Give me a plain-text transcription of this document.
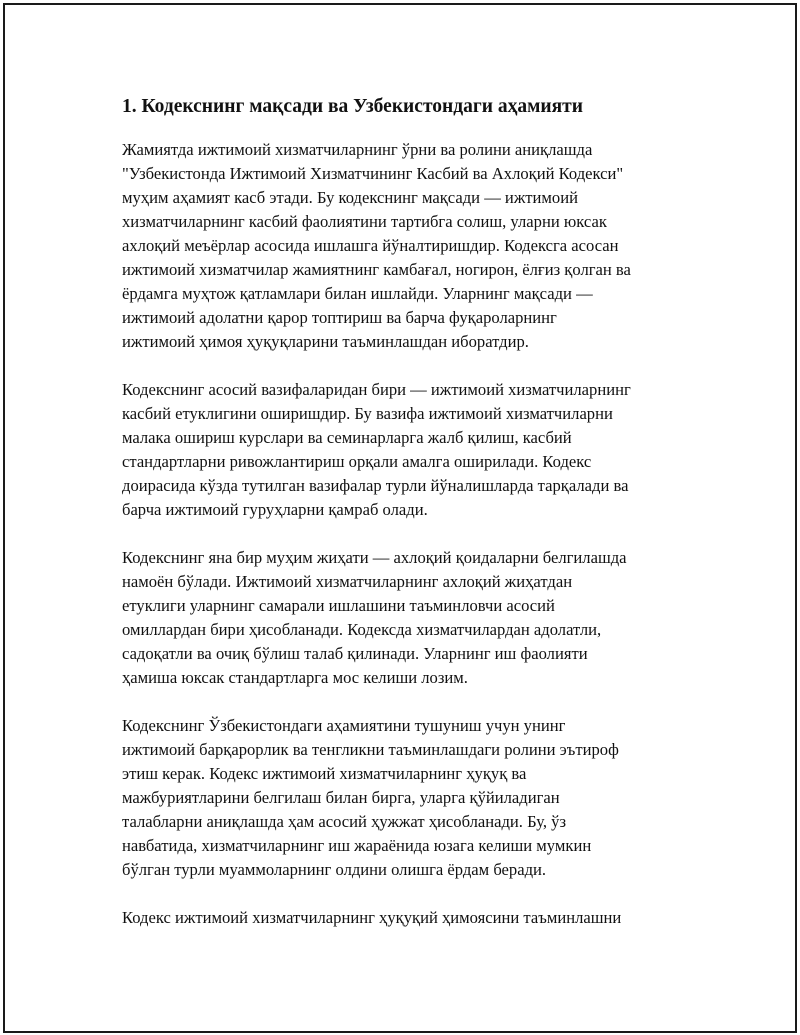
1. Кодекснинг мақсади ва Узбекистондаги аҳамияти

Жамиятда ижтимоий хизматчиларнинг ўрни ва ролини аниқлашда
"Узбекистонда Ижтимоий Хизматчининг Касбий ва Ахлоқий Кодекси"
муҳим аҳамият касб этади. Бу кодекснинг мақсади — ижтимоий
хизматчиларнинг касбий фаолиятини тартибга солиш, уларни юксак
ахлоқий меъёрлар асосида ишлашга йўналтиришдир. Кодексга асосан
ижтимоий хизматчилар жамиятнинг камбағал, ногирон, ёлғиз қолган ва
ёрдамга муҳтож қатламлари билан ишлайди. Уларнинг мақсади —
ижтимоий адолатни қарор топтириш ва барча фуқароларнинг
ижтимоий ҳимоя ҳуқуқларини таъминлашдан иборатдир.

Кодекснинг асосий вазифаларидан бири — ижтимоий хизматчиларнинг
касбий етуклигини оширишдир. Бу вазифа ижтимоий хизматчиларни
малака ошириш курслари ва семинарларга жалб қилиш, касбий
стандартларни ривожлантириш орқали амалга оширилади. Кодекс
доирасида кўзда тутилган вазифалар турли йўналишларда тарқалади ва
барча ижтимоий гуруҳларни қамраб олади.

Кодекснинг яна бир муҳим жиҳати — ахлоқий қоидаларни белгилашда
намоён бўлади. Ижтимоий хизматчиларнинг ахлоқий жиҳатдан
етуклиги уларнинг самарали ишлашини таъминловчи асосий
омиллардан бири ҳисобланади. Кодексда хизматчилардан адолатли,
садоқатли ва очиқ бўлиш талаб қилинади. Уларнинг иш фаолияти
ҳамиша юксак стандартларга мос келиши лозим.

Кодекснинг Ўзбекистондаги аҳамиятини тушуниш учун унинг
ижтимоий барқарорлик ва тенгликни таъминлашдаги ролини эътироф
этиш керак. Кодекс ижтимоий хизматчиларнинг ҳуқуқ ва
мажбуриятларини белгилаш билан бирга, уларга қўйиладиган
талабларни аниқлашда ҳам асосий ҳужжат ҳисобланади. Бу, ўз
навбатида, хизматчиларнинг иш жараёнида юзага келиши мумкин
бўлган турли муаммоларнинг олдини олишга ёрдам беради.

Кодекс ижтимоий хизматчиларнинг ҳуқуқий ҳимоясини таъминлашни
